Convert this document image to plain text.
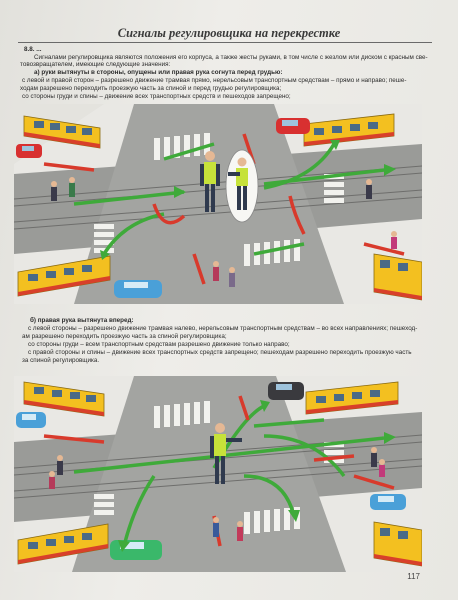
Сигналы регулировщика на перекрестке
8.8. ...
Сигналами регулировщика являются положения его корпуса, а также жесты руками, в том числе с жезлом или диском с красным све-
товозвращателем, имеющие следующие значения:
а) руки вытянуты в стороны, опущены или правая рука согнута перед грудью:
с левой и правой сторон – разрешено движение трамвая прямо, нерельсовым транспортным средствам – прямо и направо; пеше-
ходам разрешено переходить проезжую часть за спиной и перед грудью регулировщика;
со стороны груди и спины – движение всех транспортных средств и пешеходов запрещено;
б) правая рука вытянута вперед:
с левой стороны – разрешено движение трамвая налево, нерельсовым транспортным средствам – во всех направлениях; пешеход-
ам разрешено переходить проезжую часть за спиной регулировщика;
со стороны груди – всем транспортным средствам разрешено движение только направо;
с правой стороны и спины – движение всех транспортных средств запрещено; пешеходам разрешено переходить проезжую часть
за спиной регулировщика.
117
